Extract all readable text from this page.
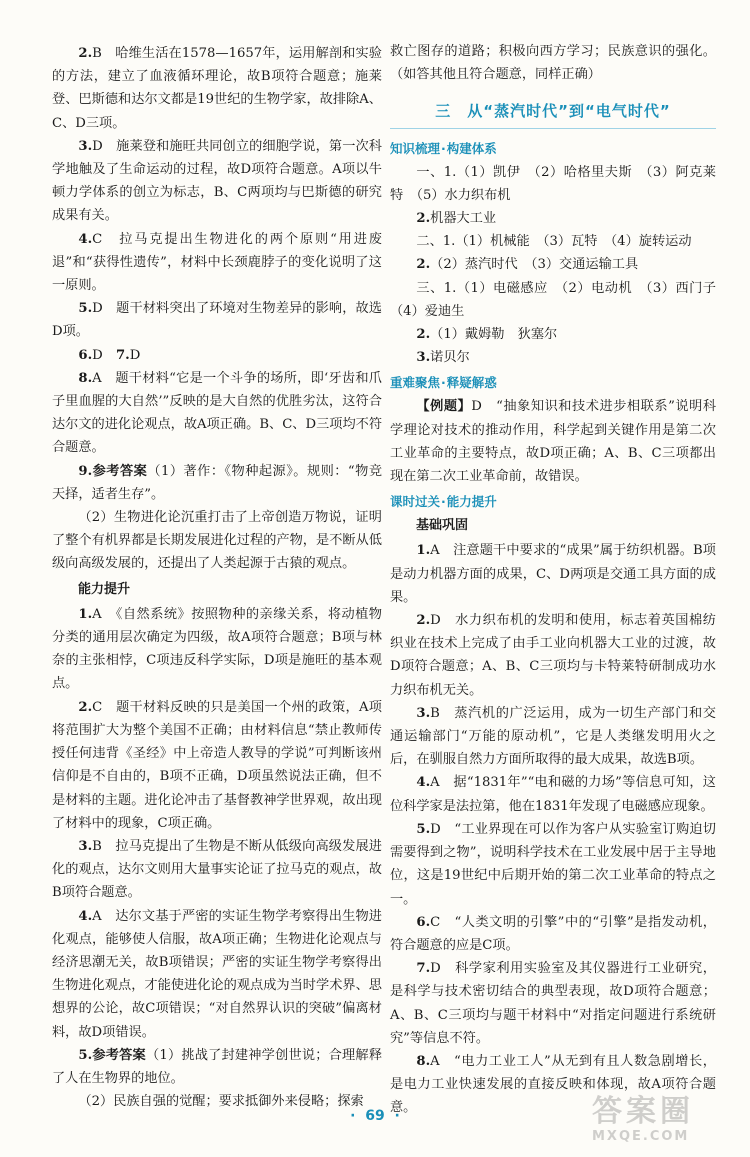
2.B　哈维生活在1578—1657年，运用解剖和实验的方法，建立了血液循环理论，故B项符合题意；施莱登、巴斯德和达尔文都是19世纪的生物学家，故排除A、C、D三项。

3.D　施莱登和施旺共同创立的细胞学说，第一次科学地触及了生命运动的过程，故D项符合题意。A项以牛顿力学体系的创立为标志，B、C两项均与巴斯德的研究成果有关。

4.C　拉马克提出生物进化的两个原则“用进废退”和“获得性遗传”，材料中长颈鹿脖子的变化说明了这一原则。

5.D　题干材料突出了环境对生物差异的影响，故选D项。

6.D　 7.D

8.A　题干材料“它是一个斗争的场所，即‘牙齿和爪子里血腥的大自然’”反映的是大自然的优胜劣汰，这符合达尔文的进化论观点，故A项正确。B、C、D三项均不符合题意。

9.参考答案（1）著作：《物种起源》。规则：“物竞天择，适者生存”。

（2）生物进化论沉重打击了上帝创造万物说，证明了整个有机界都是长期发展进化过程的产物，是不断从低级向高级发展的，还提出了人类起源于古猿的观点。

能力提升

1.A　《自然系统》按照物种的亲缘关系，将动植物分类的通用层次确定为四级，故A项符合题意；B项与林奈的主张相悖，C项违反科学实际，D项是施旺的基本观点。

2.C　题干材料反映的只是美国一个州的政策，A项将范围扩大为整个美国不正确；由材料信息“禁止教师传授任何违背《圣经》中上帝造人教导的学说”可判断该州信仰是不自由的，B项不正确，D项虽然说法正确，但不是材料的主题。进化论冲击了基督教神学世界观，故出现了材料中的现象，C项正确。

3.B　拉马克提出了生物是不断从低级向高级发展进化的观点，达尔文则用大量事实论证了拉马克的观点，故B项符合题意。

4.A　达尔文基于严密的实证生物学考察得出生物进化观点，能够使人信服，故A项正确；生物进化论观点与经济思潮无关，故B项错误；严密的实证生物学考察得出生物进化观点，才能使进化论的观点成为当时学术界、思想界的公论，故C项错误；“对自然界认识的突破”偏离材料，故D项错误。

5.参考答案（1）挑战了封建神学创世说；合理解释了人在生物界的地位。

（2）民族自强的觉醒；要求抵御外来侵略；探索

救亡图存的道路；积极向西方学习；民族意识的强化。（如答其他且符合题意，同样正确）

三　从“蒸汽时代”到“电气时代”
知识梳理·构建体系

一、1.（1）凯伊　（2）哈格里夫斯　（3）阿克莱特　（5）水力织布机

2.机器大工业

二、1.（1）机械能　（3）瓦特　（4）旋转运动

2.（2）蒸汽时代　（3）交通运输工具

三、1.（1）电磁感应　（2）电动机　（3）西门子　（4）爱迪生

2.（1）戴姆勒　狄塞尔

3.诺贝尔

重难聚焦·释疑解惑

【例题】D　“抽象知识和技术进步相联系”说明科学理论对技术的推动作用，科学起到关键作用是第二次工业革命的主要特点，故D项正确；A、B、C三项都出现在第二次工业革命前，故错误。

课时过关·能力提升
基础巩固

1.A　注意题干中要求的“成果”属于纺织机器。B项是动力机器方面的成果，C、D两项是交通工具方面的成果。

2.D　水力织布机的发明和使用，标志着英国棉纺织业在技术上完成了由手工业向机器大工业的过渡，故D项符合题意；A、B、C三项均与卡特莱特研制成功水力织布机无关。

3.B　蒸汽机的广泛运用，成为一切生产部门和交通运输部门“万能的原动机”，它是人类继发明用火之后，在驯服自然力方面所取得的最大成果，故选B项。

4.A　据“1831年”“电和磁的力场”等信息可知，这位科学家是法拉第，他在1831年发现了电磁感应现象。

5.D　“工业界现在可以作为客户从实验室订购迫切需要得到之物”，说明科学技术在工业发展中居于主导地位，这是19世纪中后期开始的第二次工业革命的特点之一。

6.C　“人类文明的引擎”中的“引擎”是指发动机，符合题意的应是C项。

7.D　科学家利用实验室及其仪器进行工业研究，是科学与技术密切结合的典型表现，故D项符合题意；A、B、C三项均与题干材料中“对指定问题进行系统研究”等信息不符。

8.A　“电力工业工人”从无到有且人数急剧增长，是电力工业快速发展的直接反映和体现，故A项符合题意。

·  69  ·	答案圈
MXQE.COM
